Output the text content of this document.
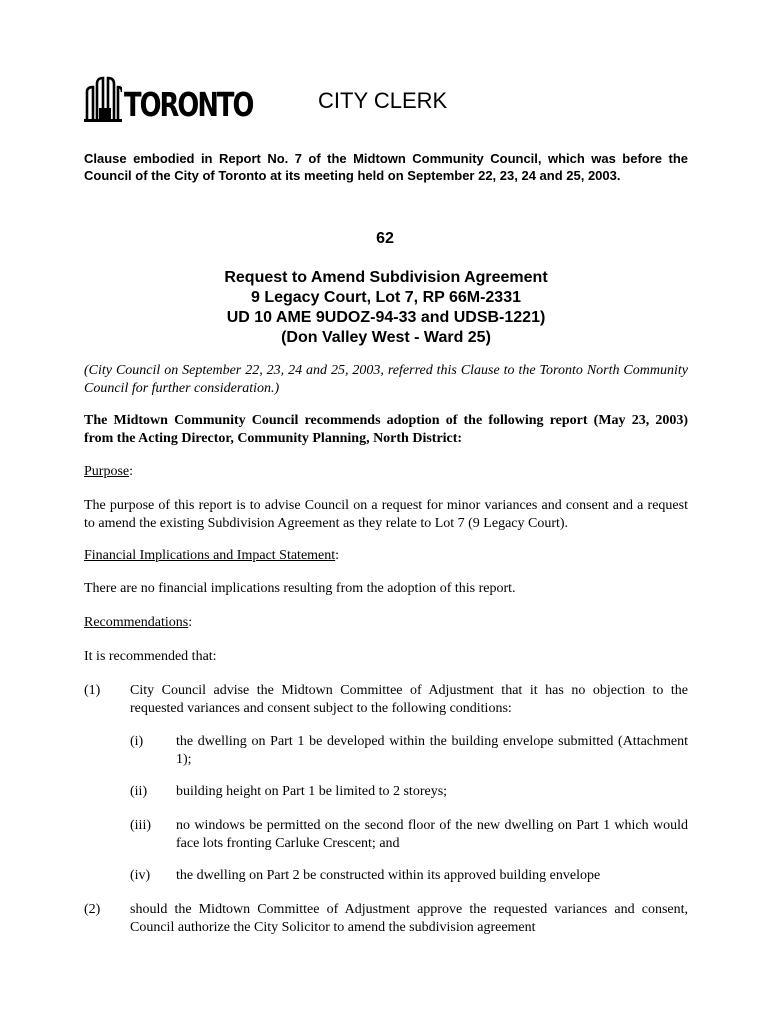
TORONTO	CITY CLERK
Clause embodied in Report No. 7 of the Midtown Community Council, which was before the Council of the City of Toronto at its meeting held on September 22, 23, 24 and 25, 2003.
62
Request to Amend Subdivision Agreement
9 Legacy Court, Lot 7, RP 66M-2331
UD 10 AME 9UDOZ-94-33 and UDSB-1221)
(Don Valley West - Ward 25)
(City Council on September 22, 23, 24 and 25, 2003, referred this Clause to the Toronto North Community Council for further consideration.)
The Midtown Community Council recommends adoption of the following report (May 23, 2003) from the Acting Director, Community Planning, North District:
Purpose:
The purpose of this report is to advise Council on a request for minor variances and consent and a request to amend the existing Subdivision Agreement as they relate to Lot 7 (9 Legacy Court).
Financial Implications and Impact Statement:
There are no financial implications resulting from the adoption of this report.
Recommendations:
It is recommended that:
(1) City Council advise the Midtown Committee of Adjustment that it has no objection to the requested variances and consent subject to the following conditions:
(i) the dwelling on Part 1 be developed within the building envelope submitted (Attachment 1);
(ii) building height on Part 1 be limited to 2 storeys;
(iii) no windows be permitted on the second floor of the new dwelling on Part 1 which would face lots fronting Carluke Crescent; and
(iv) the dwelling on Part 2 be constructed within its approved building envelope
(2) should the Midtown Committee of Adjustment approve the requested variances and consent, Council authorize the City Solicitor to amend the subdivision agreement
